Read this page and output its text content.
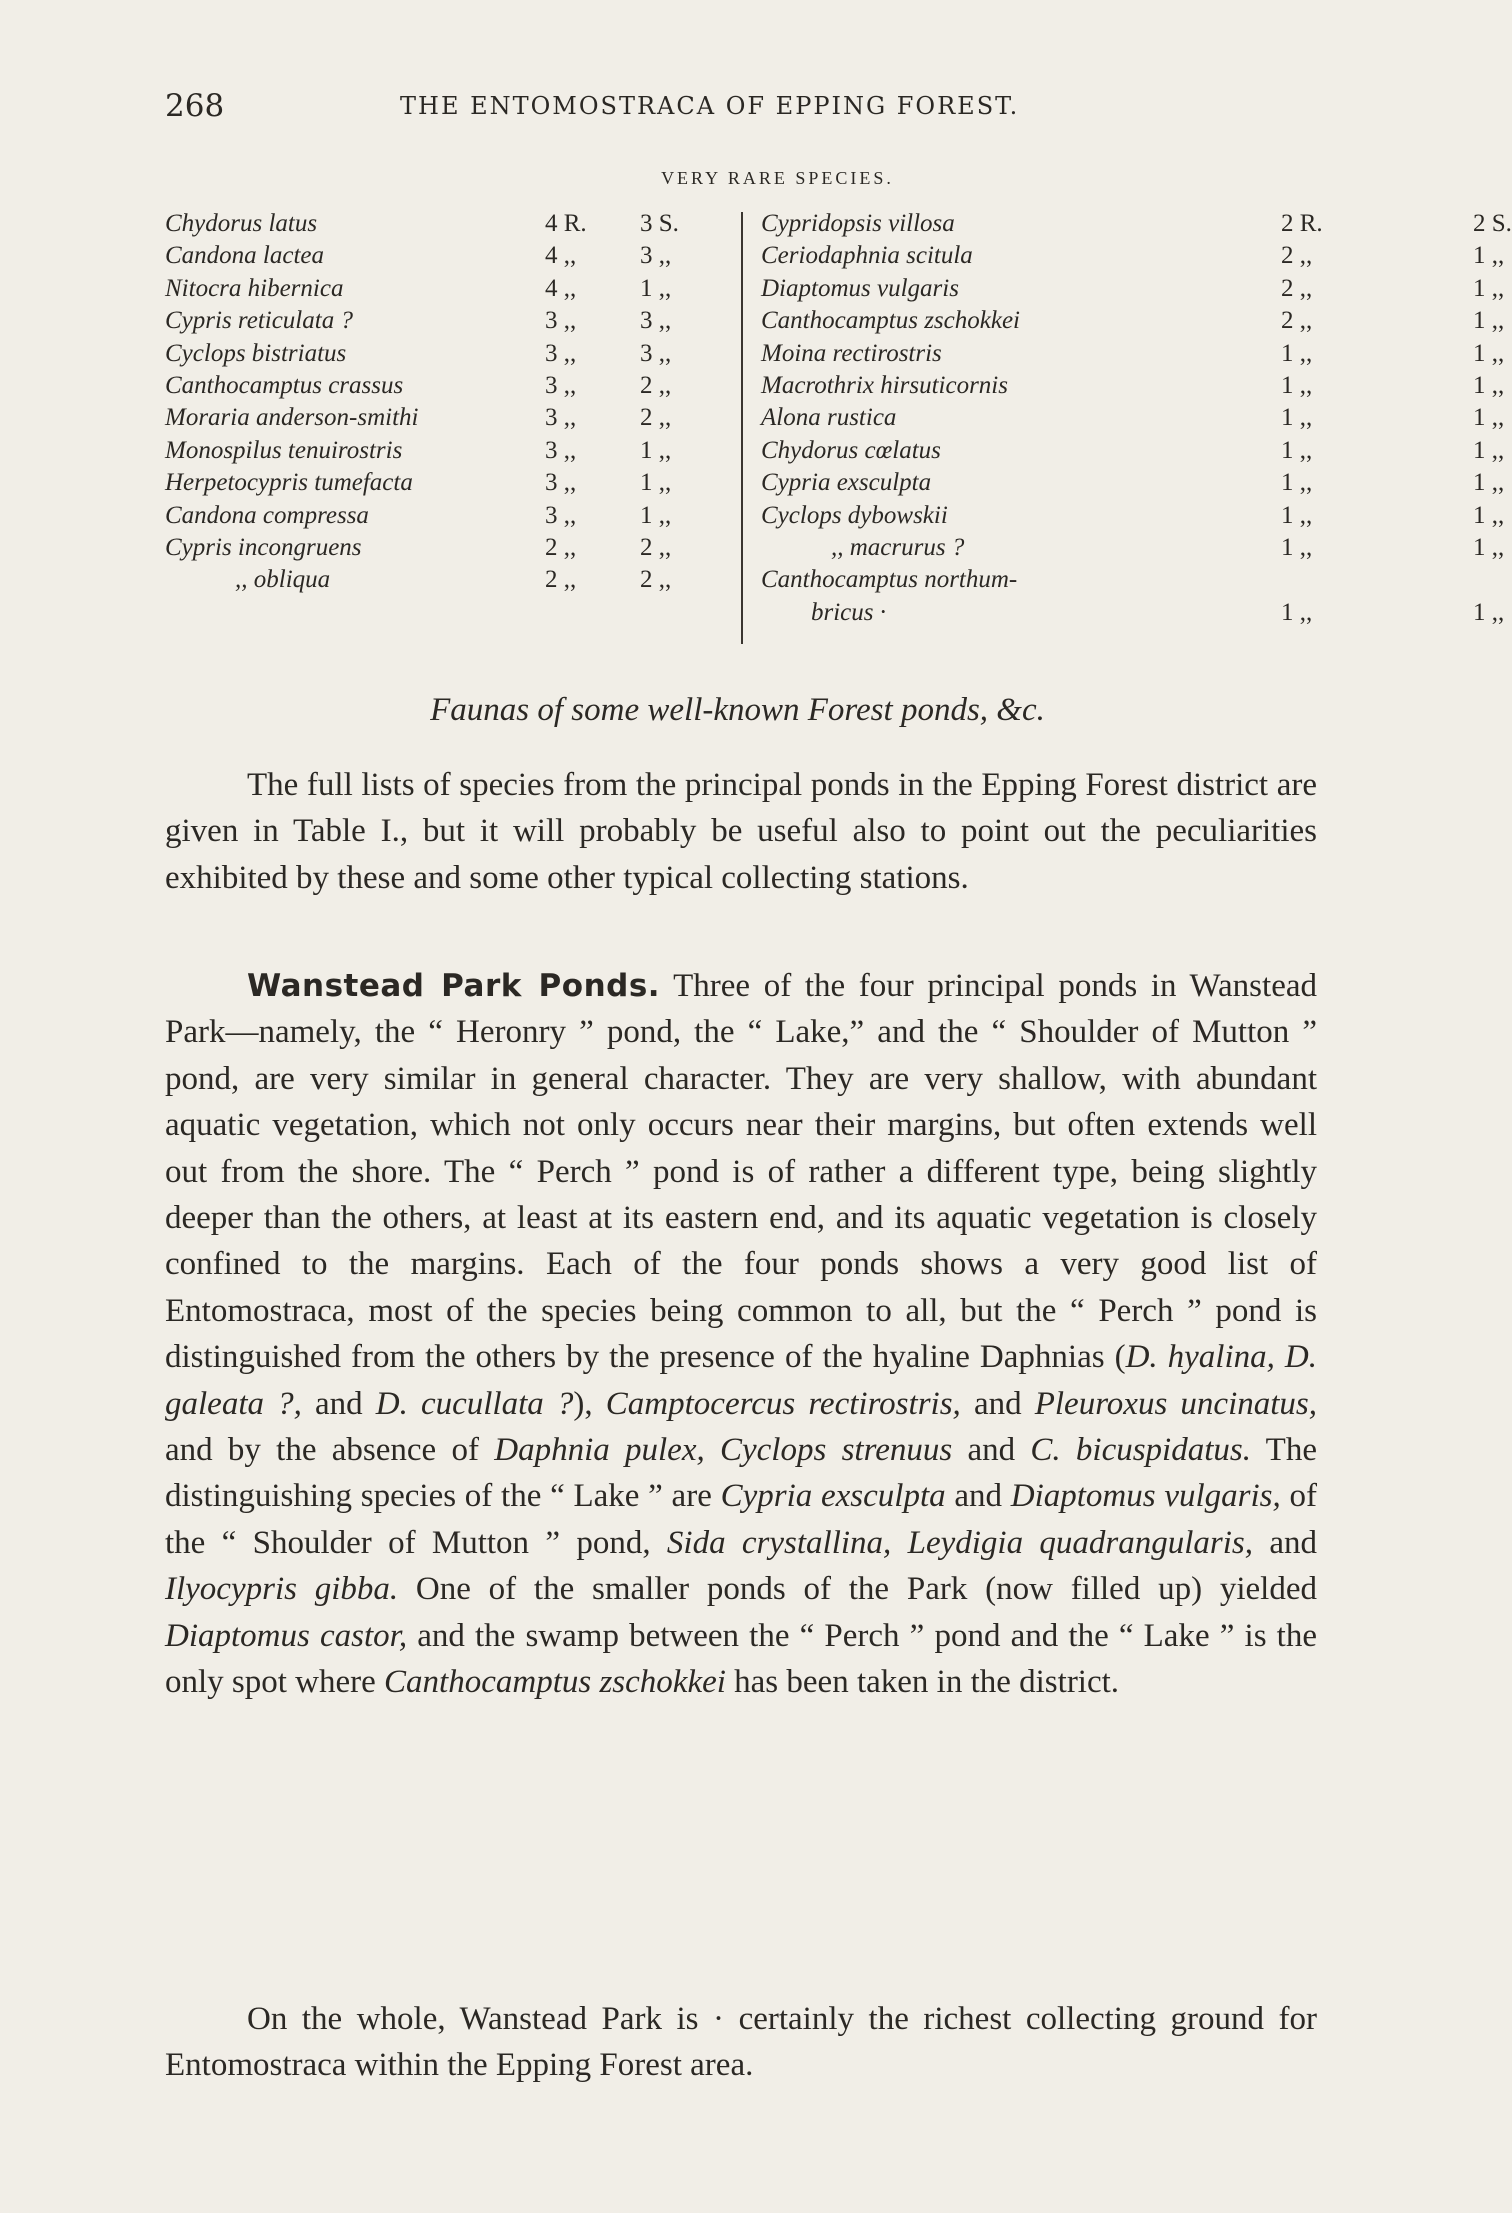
268	THE ENTOMOSTRACA OF EPPING FOREST.
VERY RARE SPECIES.
Chydorus latus	4 R. 3 S.
Candona lactea	4 ,,	3 ,,
Nitocra hibernica	4 ,,	1 ,,
Cypris reticulata ?	3 ,,	3 ,,
Cyclops bistriatus	3 ,,	3 ,,
Canthocamptus crassus	3 ,,	2 ,,
Moraria anderson-smithi	3 ,,	2 ,,
Monospilus tenuirostris	3 ,,	1 ,,
Herpetocypris tumefacta	3 ,,	1 ,,
Candona compressa	3 ,,	1 ,,
Cypris incongruens	2 ,,	2 ,,
,, obliqua	2 ,,	2 ,,
Cypridopsis villosa	2 R.	2 S.
Ceriodaphnia scitula	2 ,,	1 ,,
Diaptomus vulgaris	2 ,,	1 ,,
Canthocamptus zschokkei	2 ,,	1 ,,
Moina rectirostris	1 ,,	1 ,,
Macrothrix hirsuticornis	1 ,,	1 ,,
Alona rustica	1 ,,	1 ,,
Chydorus cœlatus	1 ,,	1 ,,
Cypria exsculpta	1 ,,	1 ,,
Cyclops dybowskii	1 ,,	1 ,,
,, macrurus ?	1 ,,	1 ,,
Canthocamptus northum-
bricus ·	1 ,,	1 ,,
Faunas of some well-known Forest ponds, &c.

The full lists of species from the principal ponds in the Epping Forest district are given in Table I., but it will probably be useful also to point out the peculiarities exhibited by these and some other typical collecting stations.

Wanstead Park Ponds. Three of the four principal ponds in Wanstead Park—namely, the “ Heronry ” pond, the “ Lake,” and the “ Shoulder of Mutton ” pond, are very similar in general character. They are very shallow, with abundant aquatic vegetation, which not only occurs near their margins, but often extends well out from the shore. The “ Perch ” pond is of rather a different type, being slightly deeper than the others, at least at its eastern end, and its aquatic vegetation is closely confined to the margins. Each of the four ponds shows a very good list of Entomostraca, most of the species being common to all, but the “ Perch ” pond is distinguished from the others by the presence of the hyaline Daphnias (D. hyalina, D. galeata ?, and D. cucullata ?), Camptocercus rectirostris, and Pleuroxus uncinatus, and by the absence of Daphnia pulex, Cyclops strenuus and C. bicuspidatus. The distinguishing species of the “ Lake ” are Cypria exsculpta and Diaptomus vulgaris, of the “ Shoulder of Mutton ” pond, Sida crystallina, Leydigia quadrangularis, and Ilyocypris gibba. One of the smaller ponds of the Park (now filled up) yielded Diaptomus castor, and the swamp between the “ Perch ” pond and the “ Lake ” is the only spot where Canthocamptus zschokkei has been taken in the district.

On the whole, Wanstead Park is · certainly the richest collecting ground for Entomostraca within the Epping Forest area.
